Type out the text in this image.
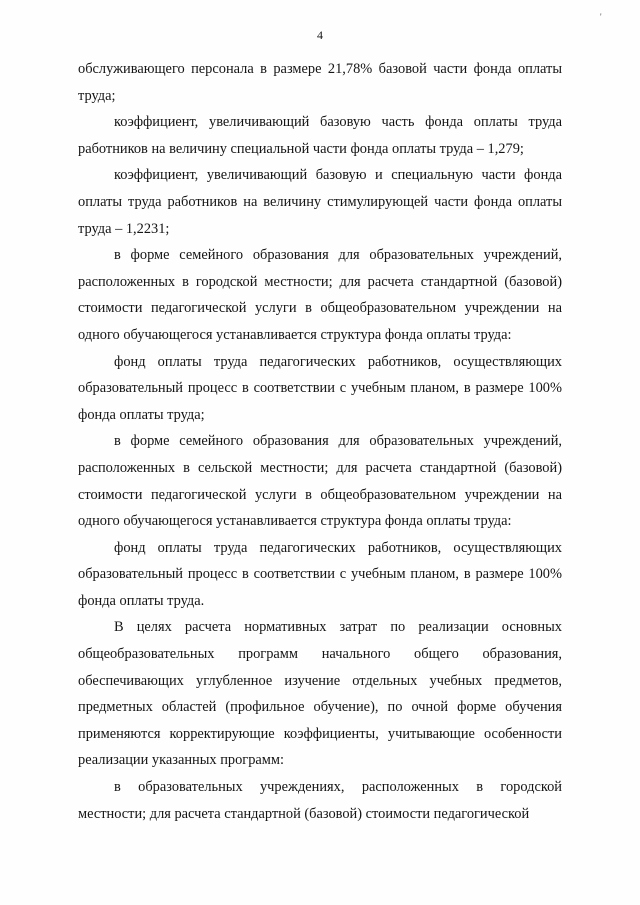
'
4

обслуживающего персонала в размере 21,78% базовой части фонда оплаты труда;

коэффициент, увеличивающий базовую часть фонда оплаты труда работников на величину специальной части фонда оплаты труда – 1,279;

коэффициент, увеличивающий базовую и специальную части фонда оплаты труда работников на величину стимулирующей части фонда оплаты труда – 1,2231;

в форме семейного образования для образовательных учреждений, расположенных в городской местности; для расчета стандартной (базовой) стоимости педагогической услуги в общеобразовательном учреждении на одного обучающегося устанавливается структура фонда оплаты труда:

фонд оплаты труда педагогических работников, осуществляющих образовательный процесс в соответствии с учебным планом, в размере 100% фонда оплаты труда;

в форме семейного образования для образовательных учреждений, расположенных в сельской местности; для расчета стандартной (базовой) стоимости педагогической услуги в общеобразовательном учреждении на одного обучающегося устанавливается структура фонда оплаты труда:

фонд оплаты труда педагогических работников, осуществляющих образовательный процесс в соответствии с учебным планом, в размере 100% фонда оплаты труда.

В целях расчета нормативных затрат по реализации основных общеобразовательных программ начального общего образования, обеспечивающих углубленное изучение отдельных учебных предметов, предметных областей (профильное обучение), по очной форме обучения применяются корректирующие коэффициенты, учитывающие особенности реализации указанных программ:

в образовательных учреждениях, расположенных в городской местности; для расчета стандартной (базовой) стоимости педагогической
